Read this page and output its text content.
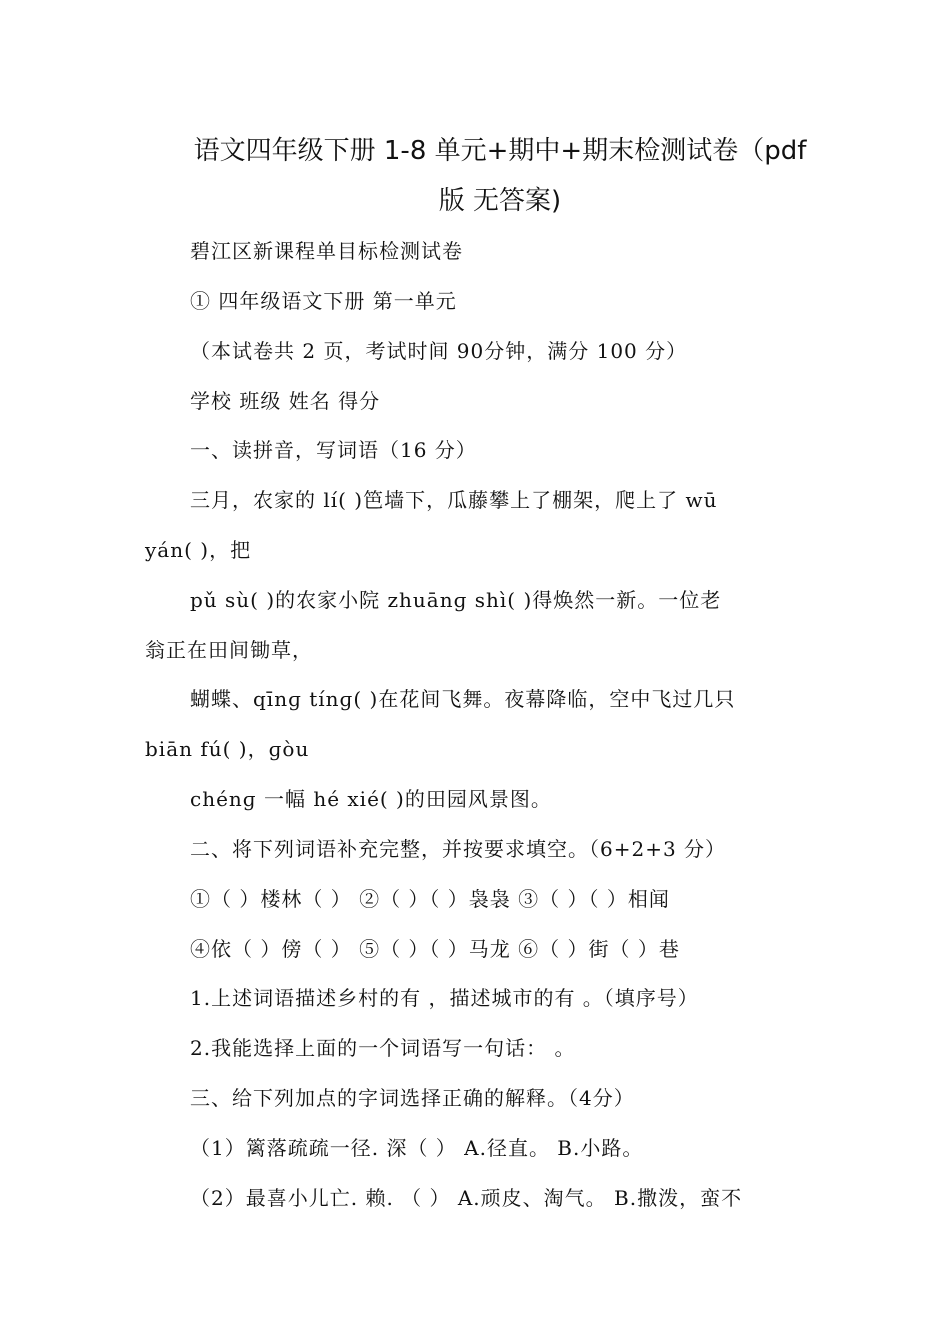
语文四年级下册 1-8 单元+期中+期末检测试卷（pdf
版 无答案)
碧江区新课程单目标检测试卷
① 四年级语文下册 第一单元
（本试卷共 2 页，考试时间 90分钟，满分 100 分）
学校 班级 姓名 得分
一、读拼音，写词语（16 分）
三月，农家的 lí( )笆墙下，瓜藤攀上了棚架，爬上了 wū
yán( )，把
pǔ sù( )的农家小院 zhuānɡ shì( )得焕然一新。一位老
翁正在田间锄草，
蝴蝶、qīnɡ tínɡ( )在花间飞舞。夜幕降临，空中飞过几只
biān fú( )，ɡòu
chénɡ 一幅 hé xié( )的田园风景图。
二、将下列词语补充完整，并按要求填空。（6+2+3 分）
①（ ）楼林（ ） ②（ ）（ ）袅袅 ③（ ）（ ）相闻
④依（ ）傍（ ） ⑤（ ）（ ）马龙 ⑥（ ）街（ ）巷
1.上述词语描述乡村的有 ，描述城市的有 。（填序号）
2.我能选择上面的一个词语写一句话： 。
三、给下列加点的字词选择正确的解释。（4分）
（1）篱落疏疏一径. 深（ ） A.径直。 B.小路。
（2）最喜小儿亡. 赖. （ ） A.顽皮、淘气。 B.撒泼，蛮不
